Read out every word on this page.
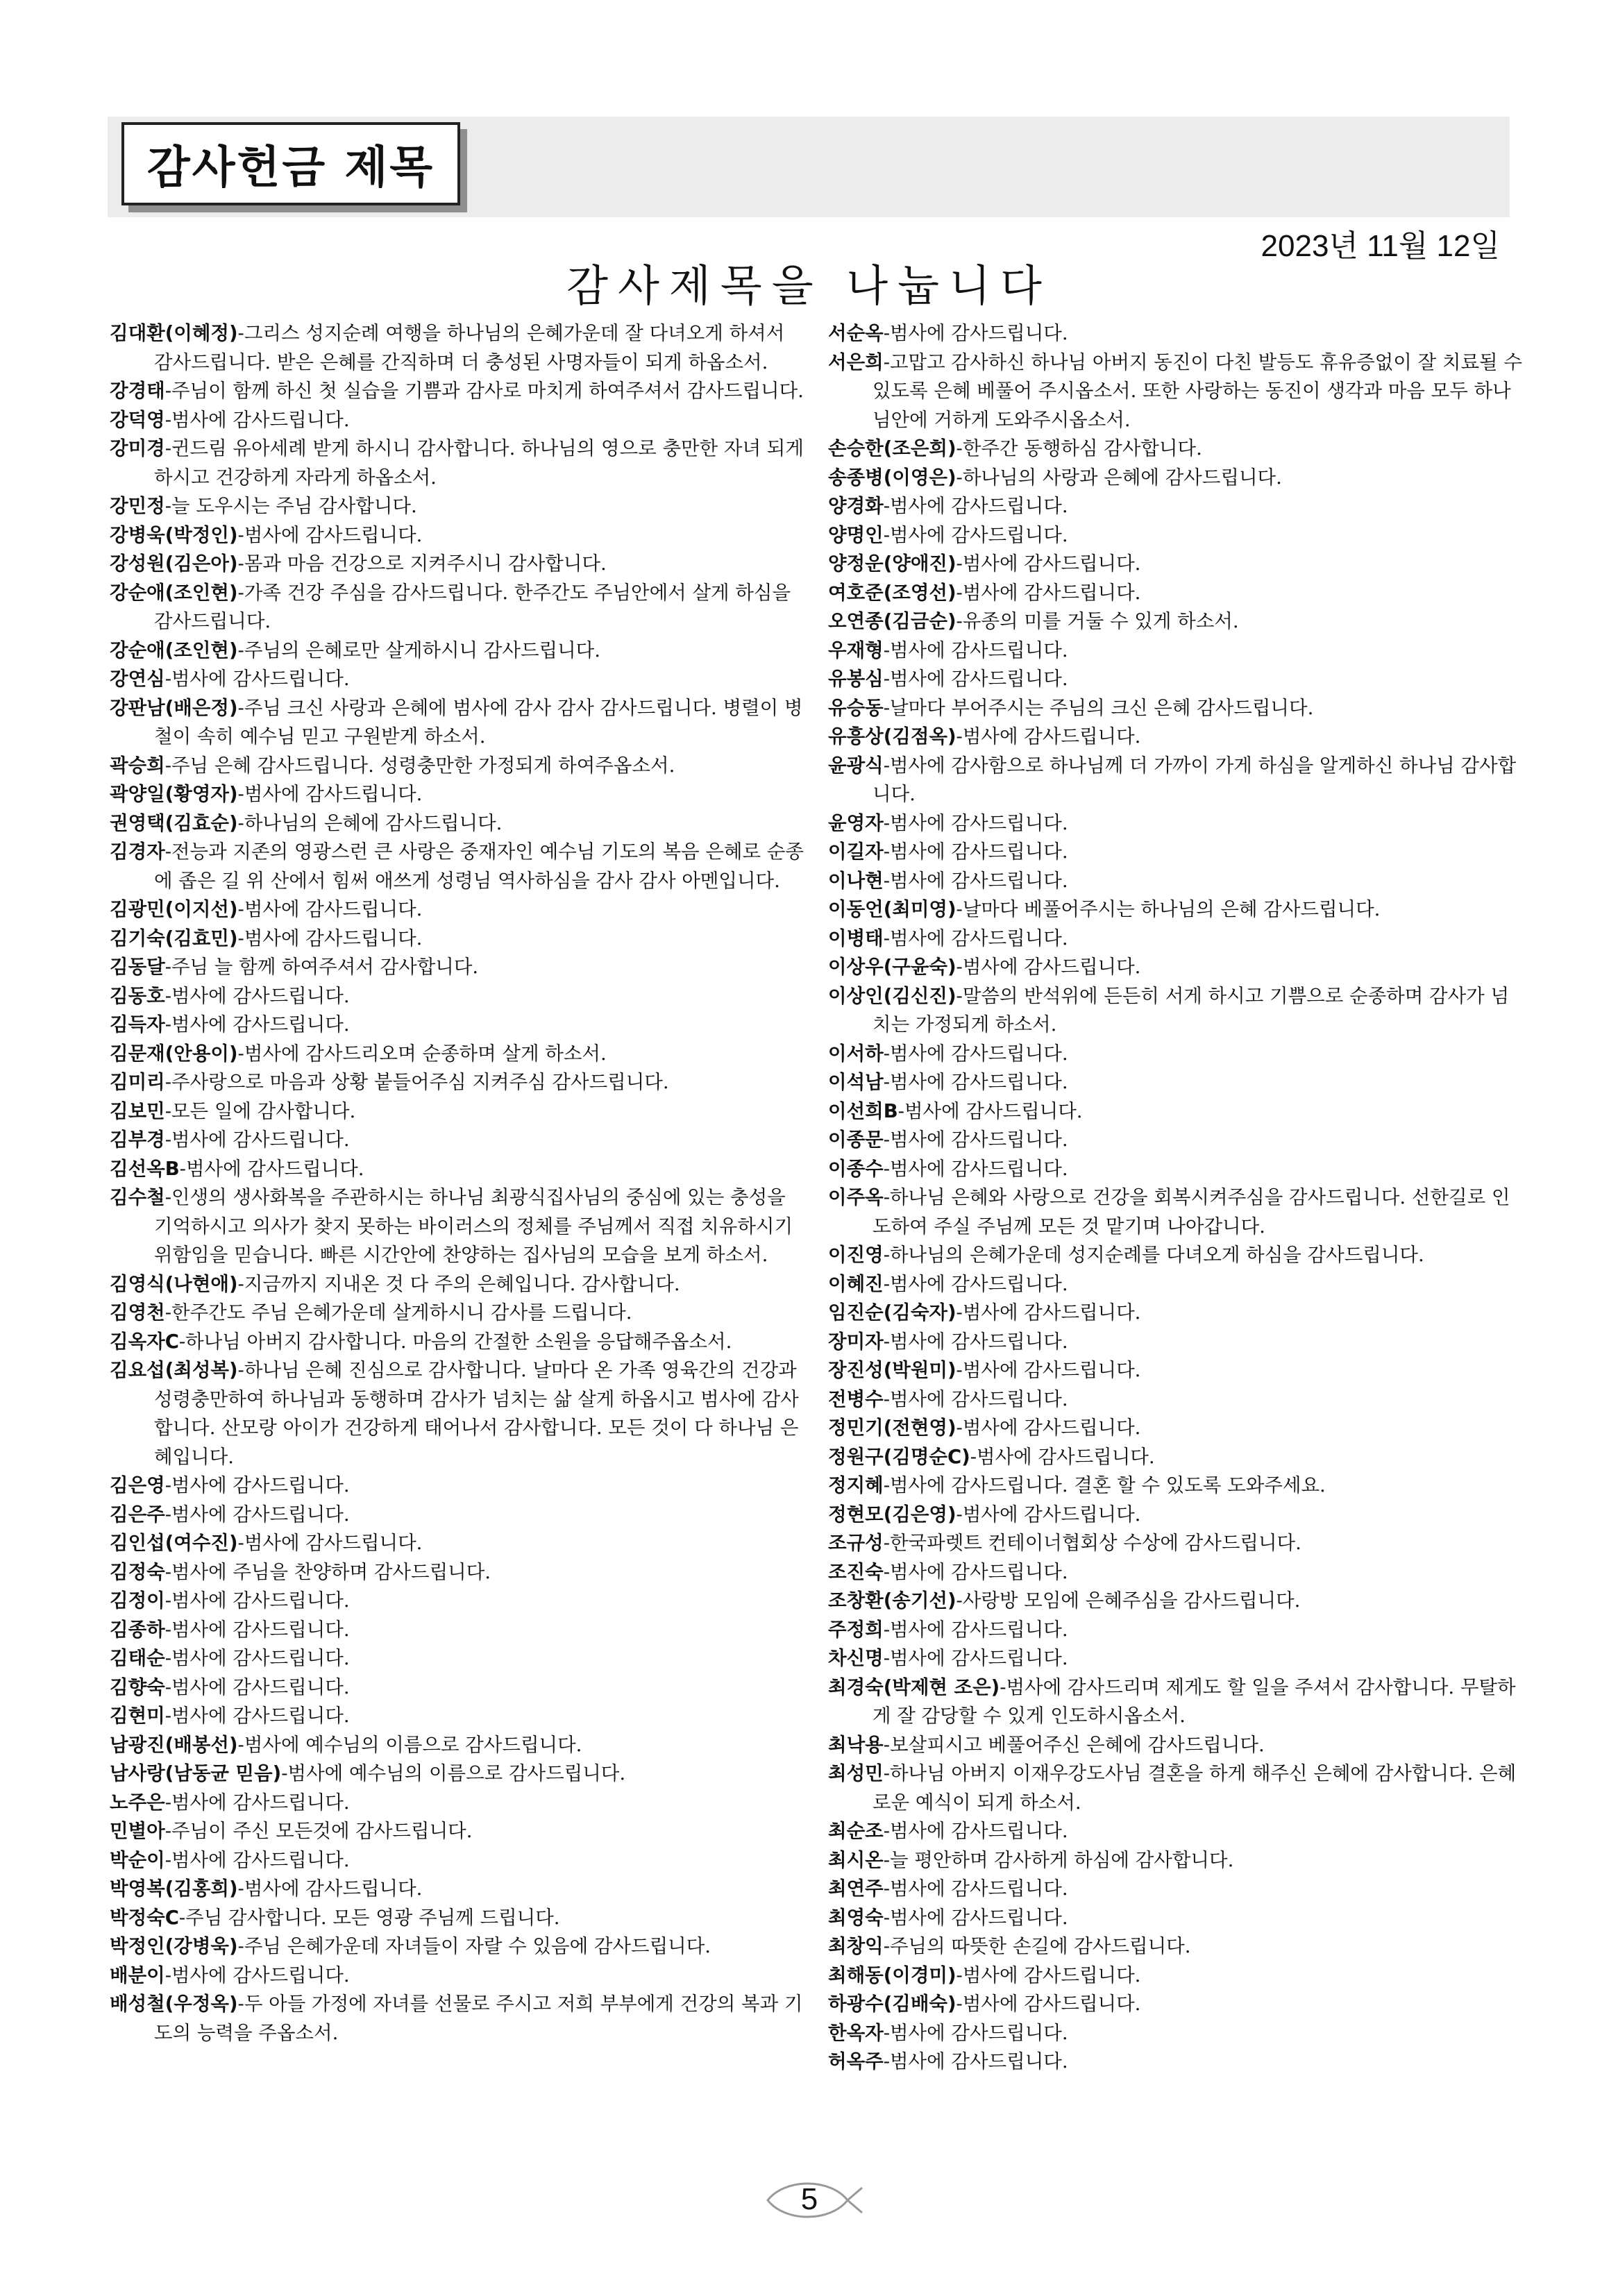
감사헌금 제목
2023년 11월 12일
감사제목을 나눕니다
김대환(이혜정)-그리스 성지순례 여행을 하나님의 은혜가운데 잘 다녀오게 하셔서 감사드립니다. 받은 은혜를 간직하며 더 충성된 사명자들이 되게 하옵소서.
강경태-주님이 함께 하신 첫 실습을 기쁨과 감사로 마치게 하여주셔서 감사드립니다.
강덕영-범사에 감사드립니다.
강미경-귄드림 유아세례 받게 하시니 감사합니다. 하나님의 영으로 충만한 자녀 되게 하시고 건강하게 자라게 하옵소서.
강민정-늘 도우시는 주님 감사합니다.
강병욱(박정인)-범사에 감사드립니다.
강성원(김은아)-몸과 마음 건강으로 지켜주시니 감사합니다.
강순애(조인현)-가족 건강 주심을 감사드립니다. 한주간도 주님안에서 살게 하심을 감사드립니다.
강순애(조인현)-주님의 은혜로만 살게하시니 감사드립니다.
강연심-범사에 감사드립니다.
강판남(배은정)-주님 크신 사랑과 은혜에 범사에 감사 감사 감사드립니다. 병렬이 병철이 속히 예수님 믿고 구원받게 하소서.
곽승희-주님 은혜 감사드립니다. 성령충만한 가정되게 하여주옵소서.
곽양일(황영자)-범사에 감사드립니다.
권영택(김효순)-하나님의 은혜에 감사드립니다.
김경자-전능과 지존의 영광스런 큰 사랑은 중재자인 예수님 기도의 복음 은혜로 순종에 좁은 길 위 산에서 힘써 애쓰게 성령님 역사하심을 감사 감사 아멘입니다.
김광민(이지선)-범사에 감사드립니다.
김기숙(김효민)-범사에 감사드립니다.
김동달-주님 늘 함께 하여주셔서 감사합니다.
김동호-범사에 감사드립니다.
김득자-범사에 감사드립니다.
김문재(안용이)-범사에 감사드리오며 순종하며 살게 하소서.
김미리-주사랑으로 마음과 상황 붙들어주심 지켜주심 감사드립니다.
김보민-모든 일에 감사합니다.
김부경-범사에 감사드립니다.
김선옥B-범사에 감사드립니다.
김수철-인생의 생사화복을 주관하시는 하나님 최광식집사님의 중심에 있는 충성을 기억하시고 의사가 찾지 못하는 바이러스의 정체를 주님께서 직접 치유하시기 위함임을 믿습니다. 빠른 시간안에 찬양하는 집사님의 모습을 보게 하소서.
김영식(나현애)-지금까지 지내온 것 다 주의 은혜입니다. 감사합니다.
김영천-한주간도 주님 은혜가운데 살게하시니 감사를 드립니다.
김옥자C-하나님 아버지 감사합니다. 마음의 간절한 소원을 응답해주옵소서.
김요섭(최성복)-하나님 은혜 진심으로 감사합니다. 날마다 온 가족 영육간의 건강과 성령충만하여 하나님과 동행하며 감사가 넘치는 삶 살게 하옵시고 범사에 감사합니다. 산모랑 아이가 건강하게 태어나서 감사합니다. 모든 것이 다 하나님 은혜입니다.
김은영-범사에 감사드립니다.
김은주-범사에 감사드립니다.
김인섭(여수진)-범사에 감사드립니다.
김정숙-범사에 주님을 찬양하며 감사드립니다.
김정이-범사에 감사드립니다.
김종하-범사에 감사드립니다.
김태순-범사에 감사드립니다.
김향숙-범사에 감사드립니다.
김현미-범사에 감사드립니다.
남광진(배봉선)-범사에 예수님의 이름으로 감사드립니다.
남사랑(남동균 믿음)-범사에 예수님의 이름으로 감사드립니다.
노주은-범사에 감사드립니다.
민별아-주님이 주신 모든것에 감사드립니다.
박순이-범사에 감사드립니다.
박영복(김홍희)-범사에 감사드립니다.
박정숙C-주님 감사합니다. 모든 영광 주님께 드립니다.
박정인(강병욱)-주님 은혜가운데 자녀들이 자랄 수 있음에 감사드립니다.
배분이-범사에 감사드립니다.
배성철(우정옥)-두 아들 가정에 자녀를 선물로 주시고 저희 부부에게 건강의 복과 기도의 능력을 주옵소서.
서순옥-범사에 감사드립니다.
서은희-고맙고 감사하신 하나님 아버지 동진이 다친 발등도 휴유증없이 잘 치료될 수 있도록 은혜 베풀어 주시옵소서. 또한 사랑하는 동진이 생각과 마음 모두 하나님안에 거하게 도와주시옵소서.
손승한(조은희)-한주간 동행하심 감사합니다.
송종병(이영은)-하나님의 사랑과 은혜에 감사드립니다.
양경화-범사에 감사드립니다.
양명인-범사에 감사드립니다.
양정운(양애진)-범사에 감사드립니다.
여호준(조영선)-범사에 감사드립니다.
오연종(김금순)-유종의 미를 거둘 수 있게 하소서.
우재형-범사에 감사드립니다.
유봉심-범사에 감사드립니다.
유승동-날마다 부어주시는 주님의 크신 은혜 감사드립니다.
유흥상(김점옥)-범사에 감사드립니다.
윤광식-범사에 감사함으로 하나님께 더 가까이 가게 하심을 알게하신 하나님 감사합니다.
윤영자-범사에 감사드립니다.
이길자-범사에 감사드립니다.
이나현-범사에 감사드립니다.
이동언(최미영)-날마다 베풀어주시는 하나님의 은혜 감사드립니다.
이병태-범사에 감사드립니다.
이상우(구윤숙)-범사에 감사드립니다.
이상인(김신진)-말씀의 반석위에 든든히 서게 하시고 기쁨으로 순종하며 감사가 넘치는 가정되게 하소서.
이서하-범사에 감사드립니다.
이석남-범사에 감사드립니다.
이선희B-범사에 감사드립니다.
이종문-범사에 감사드립니다.
이종수-범사에 감사드립니다.
이주옥-하나님 은혜와 사랑으로 건강을 회복시켜주심을 감사드립니다. 선한길로 인도하여 주실 주님께 모든 것 맡기며 나아갑니다.
이진영-하나님의 은혜가운데 성지순례를 다녀오게 하심을 감사드립니다.
이혜진-범사에 감사드립니다.
임진순(김숙자)-범사에 감사드립니다.
장미자-범사에 감사드립니다.
장진성(박원미)-범사에 감사드립니다.
전병수-범사에 감사드립니다.
정민기(전현영)-범사에 감사드립니다.
정원구(김명순C)-범사에 감사드립니다.
정지혜-범사에 감사드립니다. 결혼 할 수 있도록 도와주세요.
정현모(김은영)-범사에 감사드립니다.
조규성-한국파렛트 컨테이너협회상 수상에 감사드립니다.
조진숙-범사에 감사드립니다.
조창환(송기선)-사랑방 모임에 은혜주심을 감사드립니다.
주정희-범사에 감사드립니다.
차신명-범사에 감사드립니다.
최경숙(박제현 조은)-범사에 감사드리며 제게도 할 일을 주셔서 감사합니다. 무탈하게 잘 감당할 수 있게 인도하시옵소서.
최낙용-보살피시고 베풀어주신 은혜에 감사드립니다.
최성민-하나님 아버지 이재우강도사님 결혼을 하게 해주신 은혜에 감사합니다. 은혜로운 예식이 되게 하소서.
최순조-범사에 감사드립니다.
최시온-늘 평안하며 감사하게 하심에 감사합니다.
최연주-범사에 감사드립니다.
최영숙-범사에 감사드립니다.
최창익-주님의 따뜻한 손길에 감사드립니다.
최해동(이경미)-범사에 감사드립니다.
하광수(김배숙)-범사에 감사드립니다.
한옥자-범사에 감사드립니다.
허옥주-범사에 감사드립니다.
5
